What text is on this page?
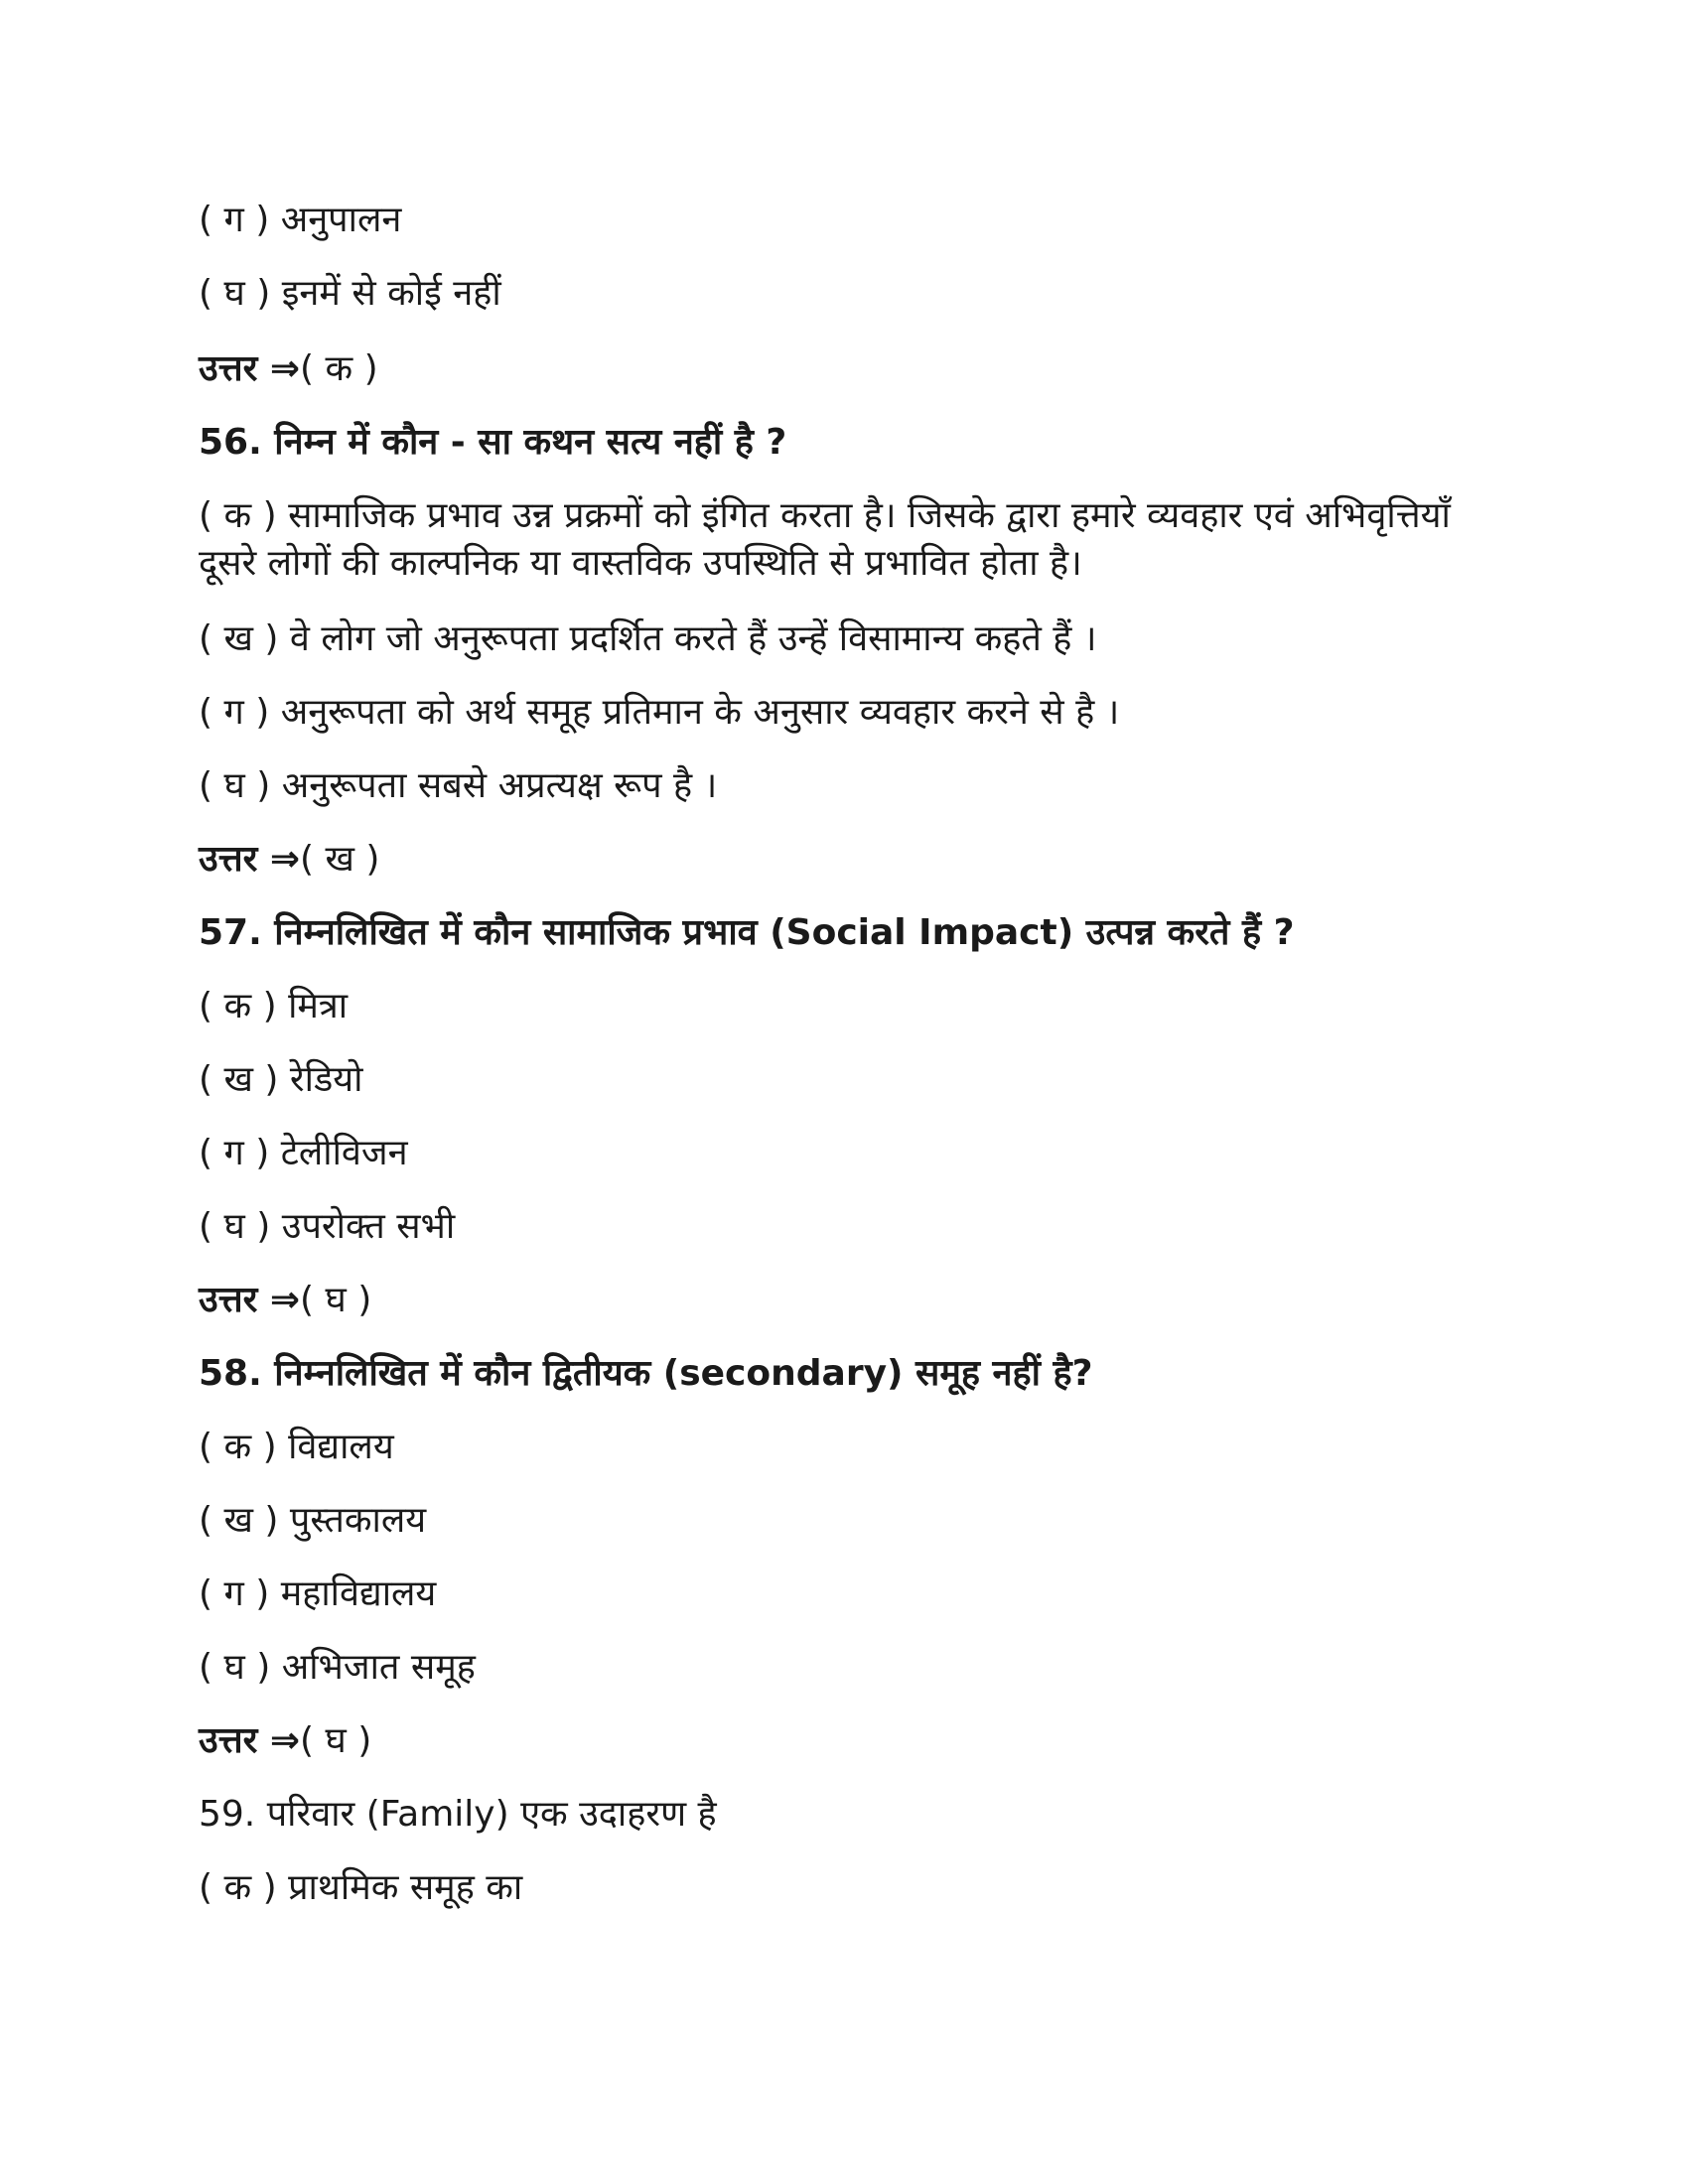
( ग ) अनुपालन
( घ ) इनमें से कोई नहीं
उत्तर ⇒( क )
56. निम्न में कौन - सा कथन सत्य नहीं है ?
( क ) सामाजिक प्रभाव उन्न प्रक्रमों को इंगित करता है। जिसके द्वारा हमारे व्यवहार एवं अभिवृत्तियाँ दूसरे लोगों की काल्पनिक या वास्तविक उपस्थिति से प्रभावित होता है।
( ख ) वे लोग जो अनुरूपता प्रदर्शित करते हैं उन्हें विसामान्य कहते हैं ।
( ग ) अनुरूपता को अर्थ समूह प्रतिमान के अनुसार व्यवहार करने से है ।
( घ ) अनुरूपता सबसे अप्रत्यक्ष रूप है ।
उत्तर ⇒( ख )
57. निम्नलिखित में कौन सामाजिक प्रभाव (Social Impact) उत्पन्न करते हैं ?
( क ) मित्रा
( ख ) रेडियो
( ग ) टेलीविजन
( घ ) उपरोक्त सभी
उत्तर ⇒( घ )
58. निम्नलिखित में कौन द्वितीयक (secondary) समूह नहीं है?
( क ) विद्यालय
( ख ) पुस्तकालय
( ग ) महाविद्यालय
( घ ) अभिजात समूह
उत्तर ⇒( घ )
59. परिवार (Family) एक उदाहरण है
( क ) प्राथमिक समूह का
